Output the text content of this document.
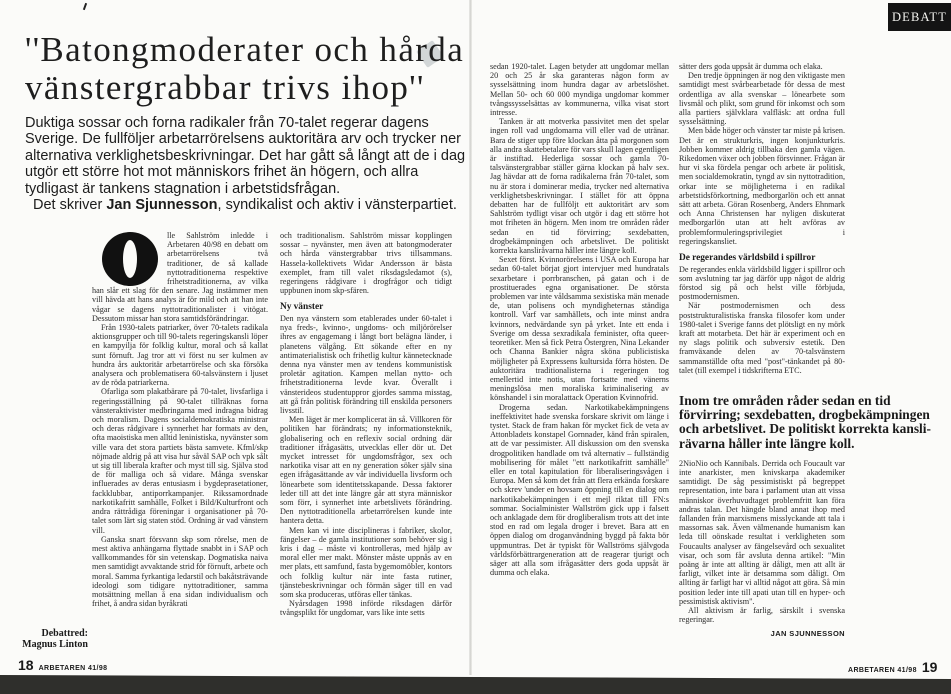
''Batongmoderater och hårda
vänstergrabbar trivs ihop''
Duktiga sossar och forna radikaler från 70-talet regerar dagens Sverige. De fullföljer arbetarrörelsens auktoritära arv och trycker ner alternativa verklighetsbeskrivningar. Det har gått så långt att de i dag utgör ett större hot mot människors frihet än högern, och allra tydligast är tankens stagnation i arbetstidsfrågan.
Det skriver Jan Sjunnesson, syndikalist och aktiv i vänsterpartiet.

lle Sahlström inledde i Arbetaren 40/98 en debatt om arbetarrörelsens två traditioner, de så kallade nyttotraditionerna respektive frihetstraditionerna, av vilka han slår ett slag för den senare. Jag instämmer men vill hävda att hans analys är för mild och att han inte vågar se dagens nyttotraditionalister i vitögat. Dessutom missar han stora samtidsförändringar.

Från 1930-talets patriarker, över 70-talets radikala aktionsgrupper och till 90-talets regeringskansli löper en kampyilja för folklig kultur, moral och så kallat sunt förnuft. Jag tror att vi först nu ser kulmen av hundra års auktoritär arbetarrörelse och ska försöka analysera och problematisera 60-talsvänstern i ljuset av de röda patriarkerna.

Ofarliga som plakatbärare på 70-talet, livsfarliga i regeringsställning på 90-talet tillräknas forna vänsteraktivister medbringarna med indragna bidrag och moralism. Dagens socialdemokratiska ministrar och deras rådgivare i synnerhet har formats av den, ofta maoistiska men alltid leninistiska, nyvänster som ville vara det stora partiets bästa samvete. Kfml/skp nöjmade aldrig på att visa hur såväl SAP och vpk sålt ut sig till liberala krafter och myst till sig. Själva stod de för malliga och så vidare. Många svenskar influerades av deras entusiasm i bygdeprasetationer, fackklubbar, antiporrkampanjer. Rikssamordnade narkotikafritt samhälle, Folket i Bild/Kulturfront och andra rättrådiga föreningar i organisationer på 70-talet som lärt sig staten stöd. Ordning är vad vänstern vill.

Ganska snart försvann skp som rörelse, men de mest aktiva anhängarna flyttade snabbt in i SAP och vallkommandes för sin vetenskap. Dogmatiska naiva men samtidigt avvaktande strid för förnuft, arbete och moral. Samma fyrkantiga ledarstil och bakåtsträvande ideologi som tidigare nyttotraditioner, samma motsättning mellan å ena sidan individualism och frihet, å andra sidan byråkrati

och traditionalism. Sahlström missar kopplingen sossar – nyvänster, men även att batongmoderater och hårda vänstergrabbar trivs tillsammans. Hassela-kollektivets Widar Andersson är bästa exemplet, fram till valet riksdagsledamot (s), regeringens rådgivare i drogfrågor och tidigt uppbunen inom skp-sfären.

Ny vänster

Den nya vänstern som etablerades under 60-talet i nya freds-, kvinno-, ungdoms- och miljörörelser ihres av engagemang i långt bort belägna länder, i planetens välgång. Ett sökande efter en ny antimaterialistisk och frihetlig kultur kännetecknade denna nya vänster men av tendens kommunistisk proletär agitation. Kampen mellan nytto- och frihetstraditionerna levde kvar. Överallt i vänsterideos studentuppror gjordes samma misstag, att gå från politisk förändring till enskilda personers livsstil.

Men läget är mer komplicerat än så. Villkoren för politiken har förändrats; ny informationsteknik, globalisering och en reflexiv social ordning där traditioner ifrågasätts, utvecklas eller dör ut. Det mycket intresset för ungdomsfrågor, sex och narkotika visar att en ny generation söker själv sina egen ifrågasättande av vår individuella livsform och lönearbete som identitetsskapande. Dessa faktorer leder till att det inte längre går att styra människor som förr, i synnerhet inte arbetslivets förändring. Den nyttotraditionella arbetarrörelsen kunde inte hantera detta.

Men kan vi inte disciplineras i fabriker, skolor, fängelser – de gamla institutioner som behöver sig i kris i dag – måste vi kontrolleras, med hjälp av moral eller mer makt. Mönster måste uppnås av en mer plats, ett samfund, fasta bygemomöbler, kontors och folklig kultur när inte fasta rutiner, tjänstebeskrivningar och förmän säger till en vad som ska produceras, utföras eller tänkas.

Nyårsdagen 1998 införde riksdagen därför tvångsplikt för ungdomar, vars like inte setts

Debattred:
Magnus Linton
18 ARBETAREN 41/98
DEBATT

sedan 1920-talet. Lagen betyder att ungdomar mellan 20 och 25 år ska garanteras någon form av sysselsättning inom hundra dagar av arbetslöshet. Mellan 50- och 60 000 myndiga ungdomar kommer tvångssysselsättas av kommunerna, vilka visat stort intresse.

Tanken är att motverka passivitet men det spelar ingen roll vad ungdomarna vill eller vad de utränar. Bara de stiger upp före klockan åtta på morgonen som alla andra skattebetalare för vars skull lagen egentligen är instiftad. Hederliga sossar och gamla 70-talsvänstergrabbar ställer gärna klockan på halv sex. Jag hävdar att de forna radikalerna från 70-talet, som nu är stora i dominerar media, trycker ned alternativa verklighetsbeskrivningar. I stället för att öppna debatten har de fullföljt ett auktoritärt arv som Sahlström tydligt visar och utgör i dag ett större hot mot friheten än högern. Men inom tre områden råder sedan en tid förvirring; sexdebatten, drogbekämpningen och arbetslivet. De politiskt korrekta kansliråvarna håller inte längre koll.

Sexet först. Kvinnorörelsens i USA och Europa har sedan 60-talet börjat gjort intervjuer med hundratals sexarbetare i porrbranschen, på gatan och i de prostituerades egna organisationer. De största problemen var inte våldsamma sexistiska män menade de, utan polisens och myndigheternas ständiga kontroll. Varf var samhällets, och inte minst andra kvinnors, nedvärdande syn på yrket. Inte ett enda i Sverige om dessa sexradikala feminister, ofta queer-teoretiker. Men så fick Petra Östergren, Nina Lekander och Channa Bankier några sköna publicistiska möjligheter på Expressens kultursida förra hösten. De auktoritära traditionalisterna i regeringen tog emellertid inte notis, utan fortsatte med vänerns meningslösa men moraliska kriminalisering av könshandel i sin moralattack Operation Kvinnofrid.

Drogerna sedan. Narkotikabekämpningens ineffektivitet hade svenska forskare skrivit om länge i tystet. Stack de fram hakan för mycket fick de veta av Attonbladets konstapel Gornnader, känd från spiralen, att de var pessimister. All diskussion om den svenska drogpolitiken handlade om två alternativ – fullständig mobilisering för målet "ett narkotikafritt samhälle" eller en total kapitulation för liberaliseringsvågen i Europa. Men så kom det från att flera erkända forskare och skrev 'under en hovsam öppning till en dialog om narkotikabekämpningen i ett mejl riktat till FN:s sommar. Socialminister Wallström gick upp i falsett och anklagade dem för drogliberalism trots att det inte stod en rad om legala droger i brevet. Bara att en öppen dialog om droganvändning byggd på fakta bör uppmuntras. Det är typiskt för Wallströms självgoda världsförbättrargeneration att de reagerar tjurigt och säger att alla som ifrågasätter ders goda uppsåt är dumma och elaka.

sätter ders goda uppsåt är dumma och elaka.

Den tredje öppningen är nog den viktigaste men samtidigt mest svårbearbetade för dessa de mest ordentliga av alla svenskar – lönearbete som livsmål och plikt, som grund för inkomst och som alla partiers självklara valfläsk: att ordna full sysselsättning.

Men både höger och vänster tar miste på krisen. Det är en strukturkris, ingen konjunkturkris. Jobben kommer aldrig tillbaka den gamla vägen. Rikedomen växer och jobben försvinner. Frågan är hur vi ska fördela pengar och arbete är politisk, men socialdemokratin, tyngd av sin nyttotradition, orkar inte se möjligheterna i en radikal arbetstidsförkortning, medborgarlön och ett annat sätt att arbeta. Göran Rosenberg, Anders Ehnmark och Anna Christensen har nyligen diskuterat medborgarlön utan att helt avföras av problemformuleringsprivilegiet i regeringskansliet.

De regerandes världsbild i spillror

De regerandes enkla världsbild ligger i spillror och som avslutning tar jag därför upp något de aldrig förstod sig på och helst ville förbjuda, postmodernismen.

När postmodernismen och dess poststrukturalistiska franska filosofer kom under 1980-talet i Sverige fanns det plötsligt en ny mörk kraft att motarbeta. Det här är experiment och en ny slags politik och subversiv estetik. Den framväxande delen av 70-talsvänstern sammanställde ofta med "post"-tänkandet på 80-talet (till exempel i tidskrifterna ETC.

Inom tre områden råder sedan en tid förvirring; sexdebatten, drogbekämpningen och arbetslivet. De politiskt korrekta kansli-rävarna håller inte längre koll.

2NioNio och Kannibals. Derrida och Foucault var inte anarkister, men knivskarpa akademiker samtidigt. De såg pessimistiskt på begreppet representation, inte bara i parlament utan att vissa människor överhuvudtaget problemfritt kan föra andras talan. Det hängde bland annat ihop med fallanden från marxismens misslyckande att tala i massornas sak. Även välmenande humanism kan leda till oönskade resultat i verkligheten som Foucaults analyser av fängelsevård och sexualitet visar, och som får avsluta denna artikel: "Min poäng är inte att allting är dåligt, men att allt är farligt, vilket inte är detsamma som dåligt. Om allting är farligt har vi alltid något att göra. Så min position leder inte till apati utan till en hyper- och pessimistisk aktivism".

All aktivism är farlig, särskilt i svenska regeringar.

JAN SJUNNESSON
ARBETAREN 41/98 19
